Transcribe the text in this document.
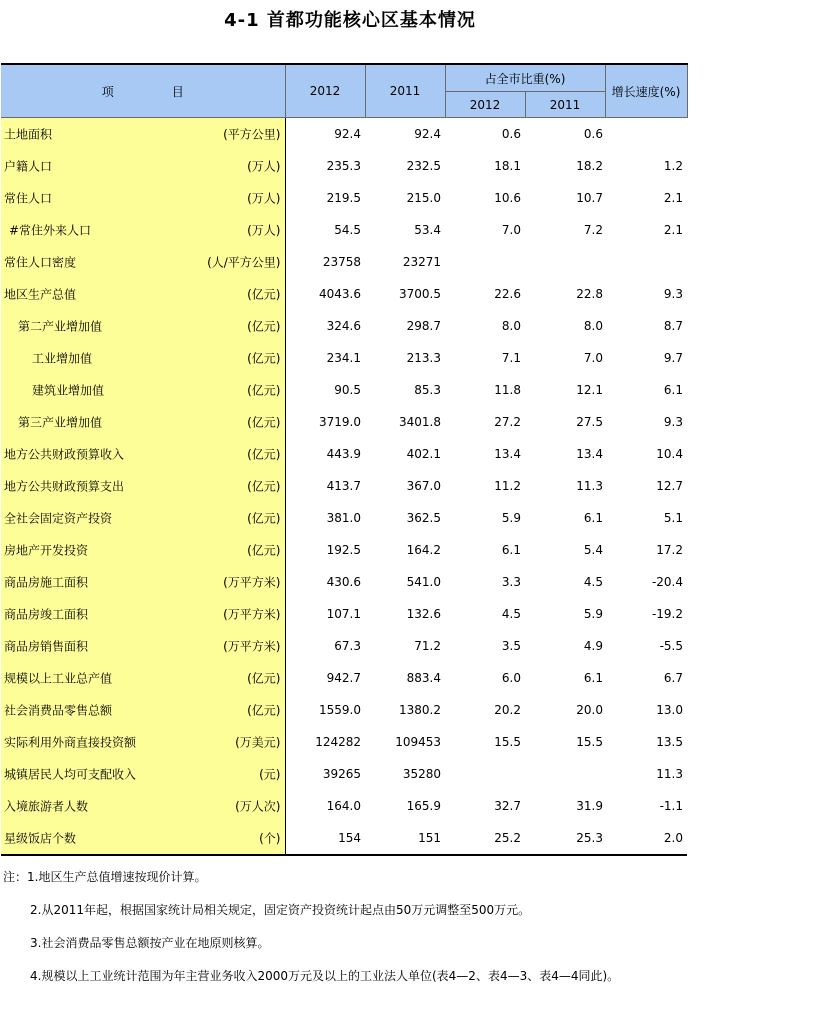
4-1 首都功能核心区基本情况
项 目	2012	2011	占全市比重(%)		增长速度(%)
			2012	2011	

土地面积 (平方公里)	92.4	92.4	0.6	0.6	

户籍人口 (万人)	235.3	232.5	18.1	18.2	1.2

常住人口 (万人)	219.5	215.0	10.6	10.7	2.1

#常住外来人口 (万人)	54.5	53.4	7.0	7.2	2.1

常住人口密度 (人/平方公里)	23758	23271			

地区生产总值 (亿元)	4043.6	3700.5	22.6	22.8	9.3

第二产业增加值 (亿元)	324.6	298.7	8.0	8.0	8.7

工业增加值 (亿元)	234.1	213.3	7.1	7.0	9.7

建筑业增加值 (亿元)	90.5	85.3	11.8	12.1	6.1

第三产业增加值 (亿元)	3719.0	3401.8	27.2	27.5	9.3

地方公共财政预算收入 (亿元)	443.9	402.1	13.4	13.4	10.4

地方公共财政预算支出 (亿元)	413.7	367.0	11.2	11.3	12.7

全社会固定资产投资 (亿元)	381.0	362.5	5.9	6.1	5.1

房地产开发投资 (亿元)	192.5	164.2	6.1	5.4	17.2

商品房施工面积 (万平方米)	430.6	541.0	3.3	4.5	-20.4

商品房竣工面积 (万平方米)	107.1	132.6	4.5	5.9	-19.2

商品房销售面积 (万平方米)	67.3	71.2	3.5	4.9	-5.5

规模以上工业总产值 (亿元)	942.7	883.4	6.0	6.1	6.7

社会消费品零售总额 (亿元)	1559.0	1380.2	20.2	20.0	13.0

实际利用外商直接投资额 (万美元)	124282	109453	15.5	15.5	13.5

城镇居民人均可支配收入 (元)	39265	35280			11.3

入境旅游者人数 (万人次)	164.0	165.9	32.7	31.9	-1.1

星级饭店个数 (个)	154	151	25.2	25.3	2.0
注：1.地区生产总值增速按现价计算。
2.从2011年起，根据国家统计局相关规定，固定资产投资统计起点由50万元调整至500万元。
3.社会消费品零售总额按产业在地原则核算。
4.规模以上工业统计范围为年主营业务收入2000万元及以上的工业法人单位(表4—2、表4—3、表4—4同此)。
